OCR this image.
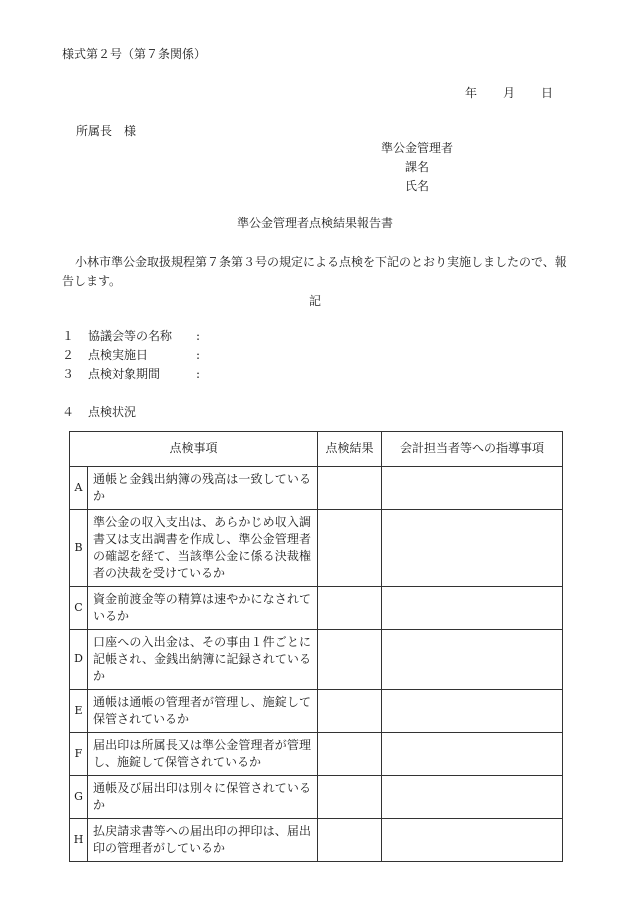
様式第２号（第７条関係）
年 月 日
所属長　様
準公金管理者
課名
氏名
準公金管理者点検結果報告書
小林市準公金取扱規程第７条第３号の規定による点検を下記のとおり実施しましたので、報告します。
記
１	協議会等の名称	:
２	点検実施日	:
３	点検対象期間	:
４ 点検状況
点検事項		点検結果	会計担当者等への指導事項
A	通帳と金銭出納簿の残高は一致しているか		
B	準公金の収入支出は、あらかじめ収入調書又は支出調書を作成し、準公金管理者の確認を経て、当該準公金に係る決裁権者の決裁を受けているか		
C	資金前渡金等の精算は速やかになされているか		
D	口座への入出金は、その事由１件ごとに記帳され、金銭出納簿に記録されているか		
E	通帳は通帳の管理者が管理し、施錠して保管されているか		
F	届出印は所属長又は準公金管理者が管理し、施錠して保管されているか		
G	通帳及び届出印は別々に保管されているか		
H	払戻請求書等への届出印の押印は、届出印の管理者がしているか		
